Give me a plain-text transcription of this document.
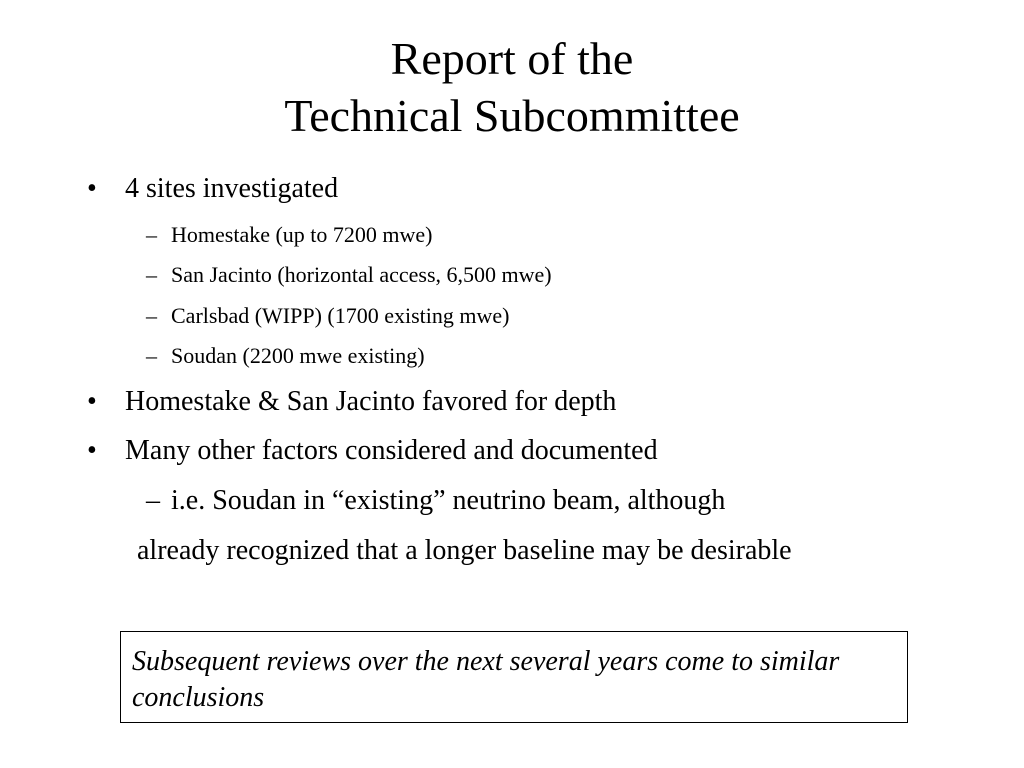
Report of the
Technical Subcommittee
• 4 sites investigated
– Homestake (up to 7200 mwe)
– San Jacinto (horizontal access, 6,500 mwe)
– Carlsbad (WIPP) (1700 existing mwe)
– Soudan (2200 mwe existing)
• Homestake & San Jacinto favored for depth
• Many other factors considered and documented
– i.e. Soudan in “existing” neutrino beam, although
already recognized that a longer baseline may be desirable
Subsequent reviews over the next several years come to similar conclusions
